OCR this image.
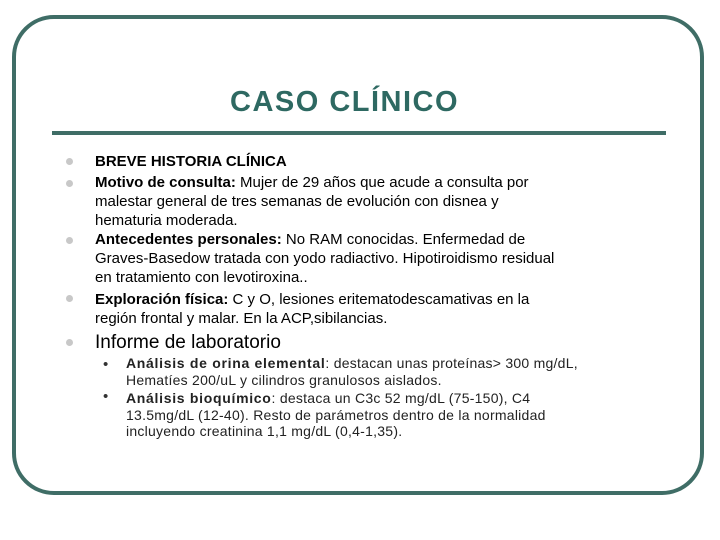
CASO CLÍNICO
BREVE HISTORIA CLÍNICA
Motivo de consulta: Mujer de 29 años que acude a consulta por
malestar general de tres semanas de evolución con disnea y
hematuria moderada.
Antecedentes personales: No RAM conocidas. Enfermedad de
Graves-Basedow tratada con yodo radiactivo. Hipotiroidismo residual
en tratamiento con levotiroxina..
Exploración física: C y O, lesiones eritematodescamativas en la
región frontal y malar. En la ACP,sibilancias.
Informe de laboratorio
•
•
Análisis de orina elemental: destacan unas proteínas> 300 mg/dL,
Hematíes 200/uL y cilindros granulosos aislados.
Análisis bioquímico: destaca un C3c 52 mg/dL (75-150), C4
13.5mg/dL (12-40). Resto de parámetros dentro de la normalidad
incluyendo creatinina 1,1 mg/dL (0,4-1,35).
